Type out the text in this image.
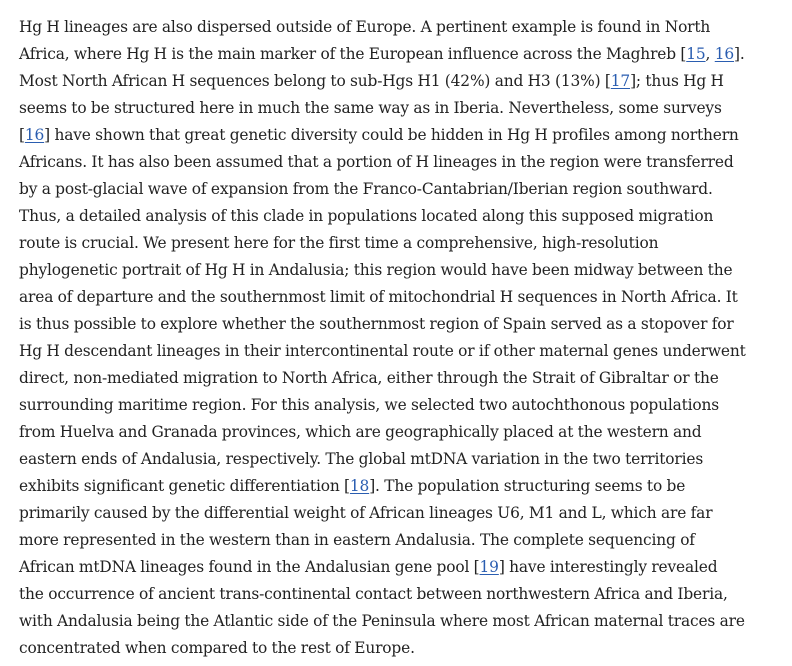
Hg H lineages are also dispersed outside of Europe. A pertinent example is found in North
Africa, where Hg H is the main marker of the European influence across the Maghreb [15, 16].
Most North African H sequences belong to sub-Hgs H1 (42%) and H3 (13%) [17]; thus Hg H
seems to be structured here in much the same way as in Iberia. Nevertheless, some surveys
[16] have shown that great genetic diversity could be hidden in Hg H profiles among northern
Africans. It has also been assumed that a portion of H lineages in the region were transferred
by a post-glacial wave of expansion from the Franco-Cantabrian/Iberian region southward.
Thus, a detailed analysis of this clade in populations located along this supposed migration
route is crucial. We present here for the first time a comprehensive, high-resolution
phylogenetic portrait of Hg H in Andalusia; this region would have been midway between the
area of departure and the southernmost limit of mitochondrial H sequences in North Africa. It
is thus possible to explore whether the southernmost region of Spain served as a stopover for
Hg H descendant lineages in their intercontinental route or if other maternal genes underwent
direct, non-mediated migration to North Africa, either through the Strait of Gibraltar or the
surrounding maritime region. For this analysis, we selected two autochthonous populations
from Huelva and Granada provinces, which are geographically placed at the western and
eastern ends of Andalusia, respectively. The global mtDNA variation in the two territories
exhibits significant genetic differentiation [18]. The population structuring seems to be
primarily caused by the differential weight of African lineages U6, M1 and L, which are far
more represented in the western than in eastern Andalusia. The complete sequencing of
African mtDNA lineages found in the Andalusian gene pool [19] have interestingly revealed
the occurrence of ancient trans-continental contact between northwestern Africa and Iberia,
with Andalusia being the Atlantic side of the Peninsula where most African maternal traces are
concentrated when compared to the rest of Europe.
